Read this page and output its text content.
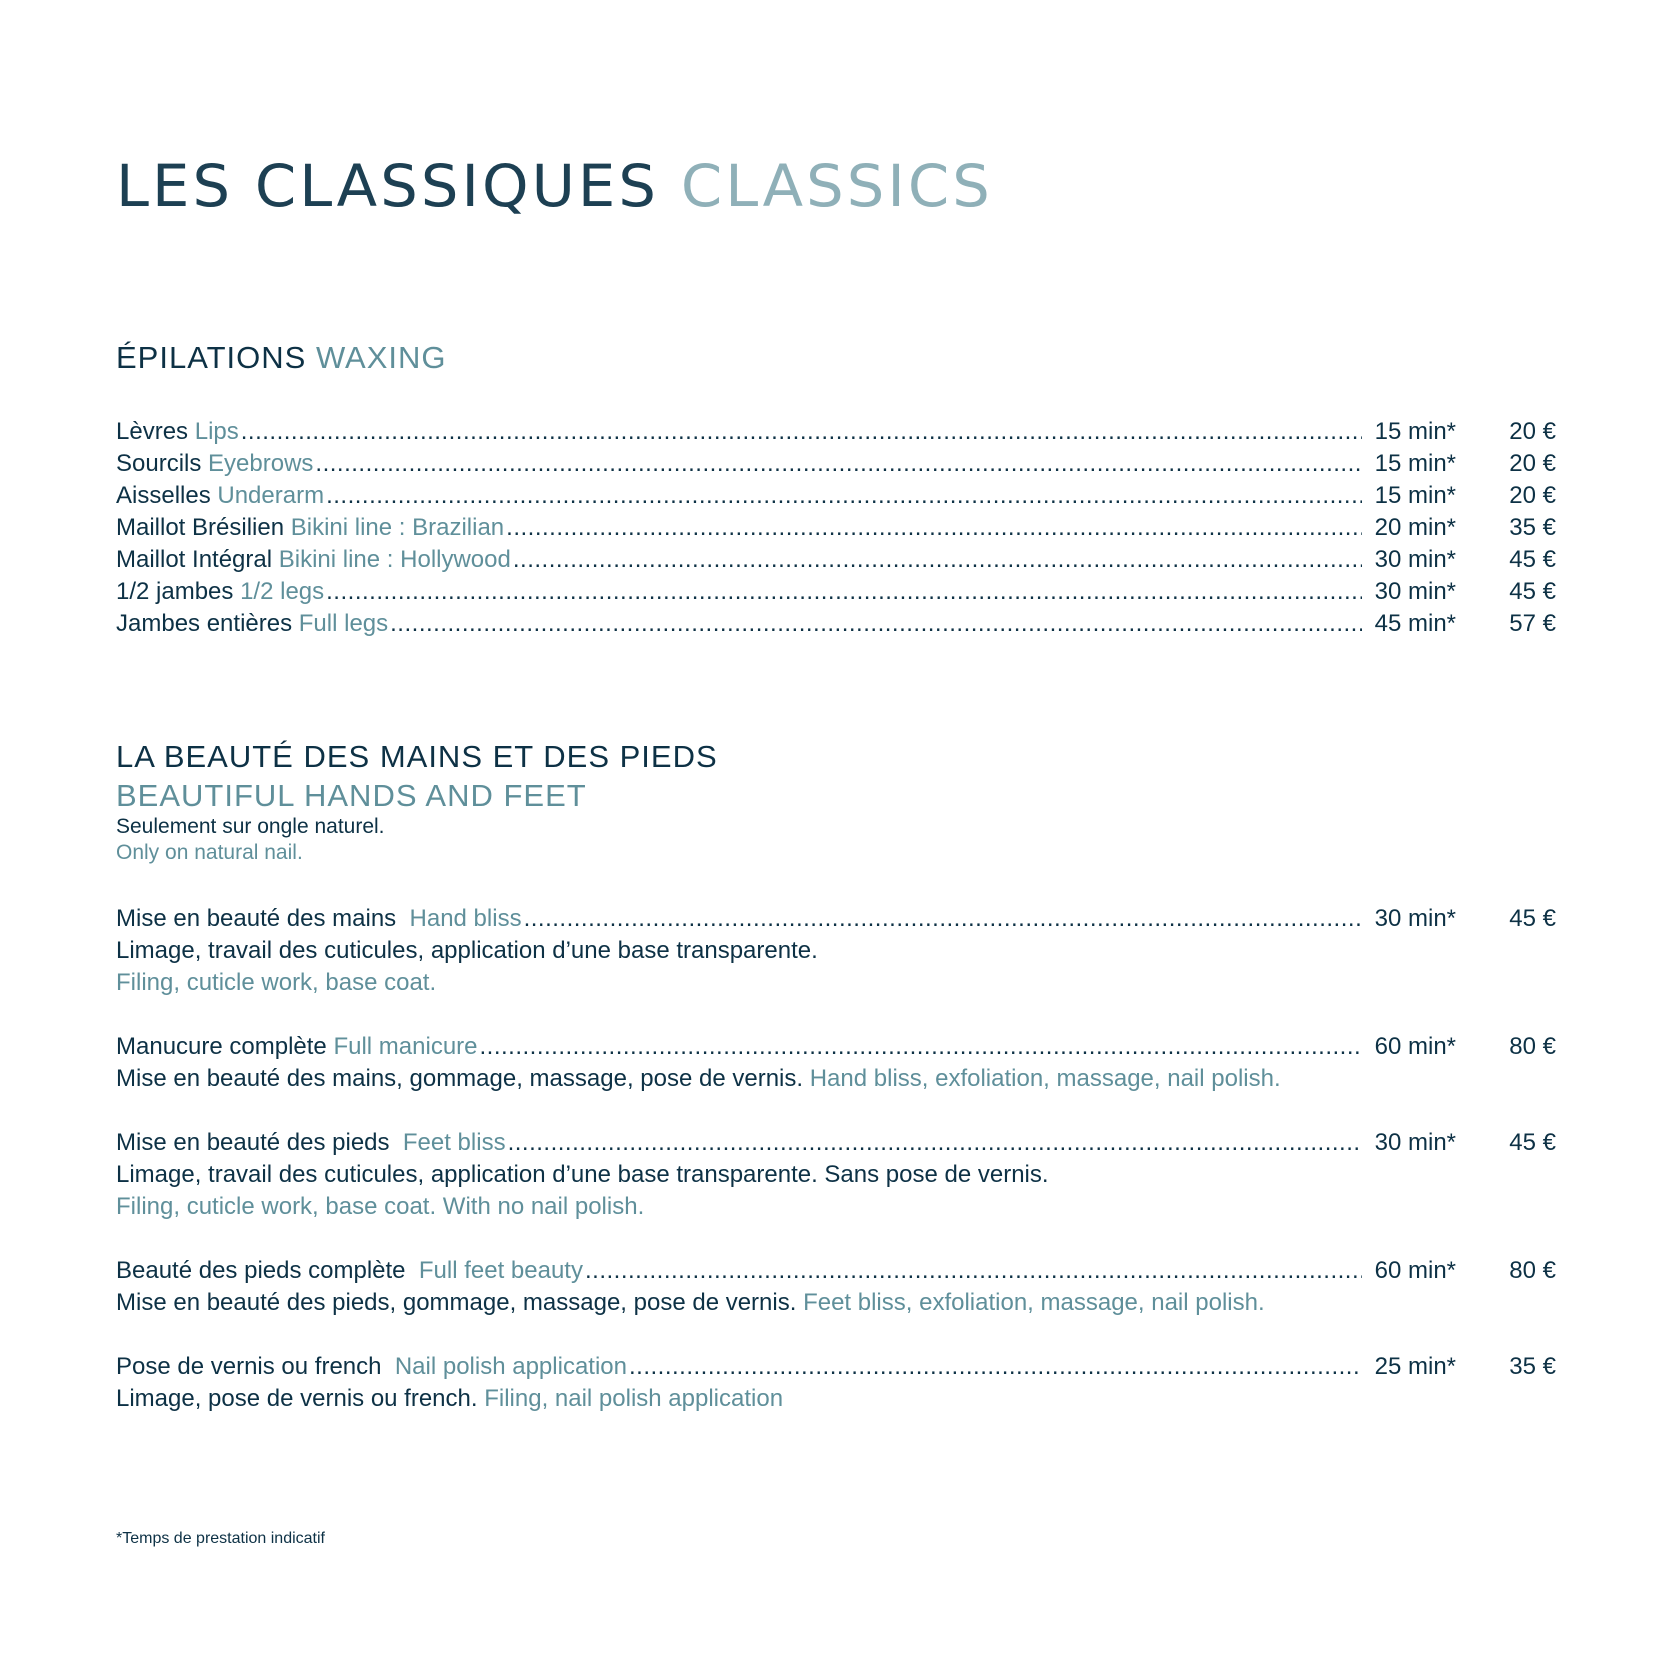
LES CLASSIQUES CLASSICS
ÉPILATIONS WAXING
Lèvres Lips .....	15 min*	20 €
Sourcils Eyebrows .....	15 min*	20 €
Aisselles Underarm .....	15 min*	20 €
Maillot Brésilien Bikini line : Brazilian .....	20 min*	35 €
Maillot Intégral Bikini line : Hollywood .....	30 min*	45 €
1/2 jambes 1/2 legs .....	30 min*	45 €
Jambes entières Full legs .....	45 min*	57 €
LA BEAUTÉ DES MAINS ET DES PIEDS
BEAUTIFUL HANDS AND FEET
Seulement sur ongle naturel.
Only on natural nail.
Mise en beauté des mains Hand bliss .....	30 min*	45 €
Limage, travail des cuticules, application d’une base transparente.
Filing, cuticle work, base coat.
Manucure complète Full manicure .....	60 min*	80 €
Mise en beauté des mains, gommage, massage, pose de vernis. Hand bliss, exfoliation, massage, nail polish.
Mise en beauté des pieds Feet bliss .....	30 min*	45 €
Limage, travail des cuticules, application d’une base transparente. Sans pose de vernis.
Filing, cuticle work, base coat. With no nail polish.
Beauté des pieds complète Full feet beauty .....	60 min*	80 €
Mise en beauté des pieds, gommage, massage, pose de vernis. Feet bliss, exfoliation, massage, nail polish.
Pose de vernis ou french Nail polish application .....	25 min*	35 €
Limage, pose de vernis ou french. Filing, nail polish application
*Temps de prestation indicatif
